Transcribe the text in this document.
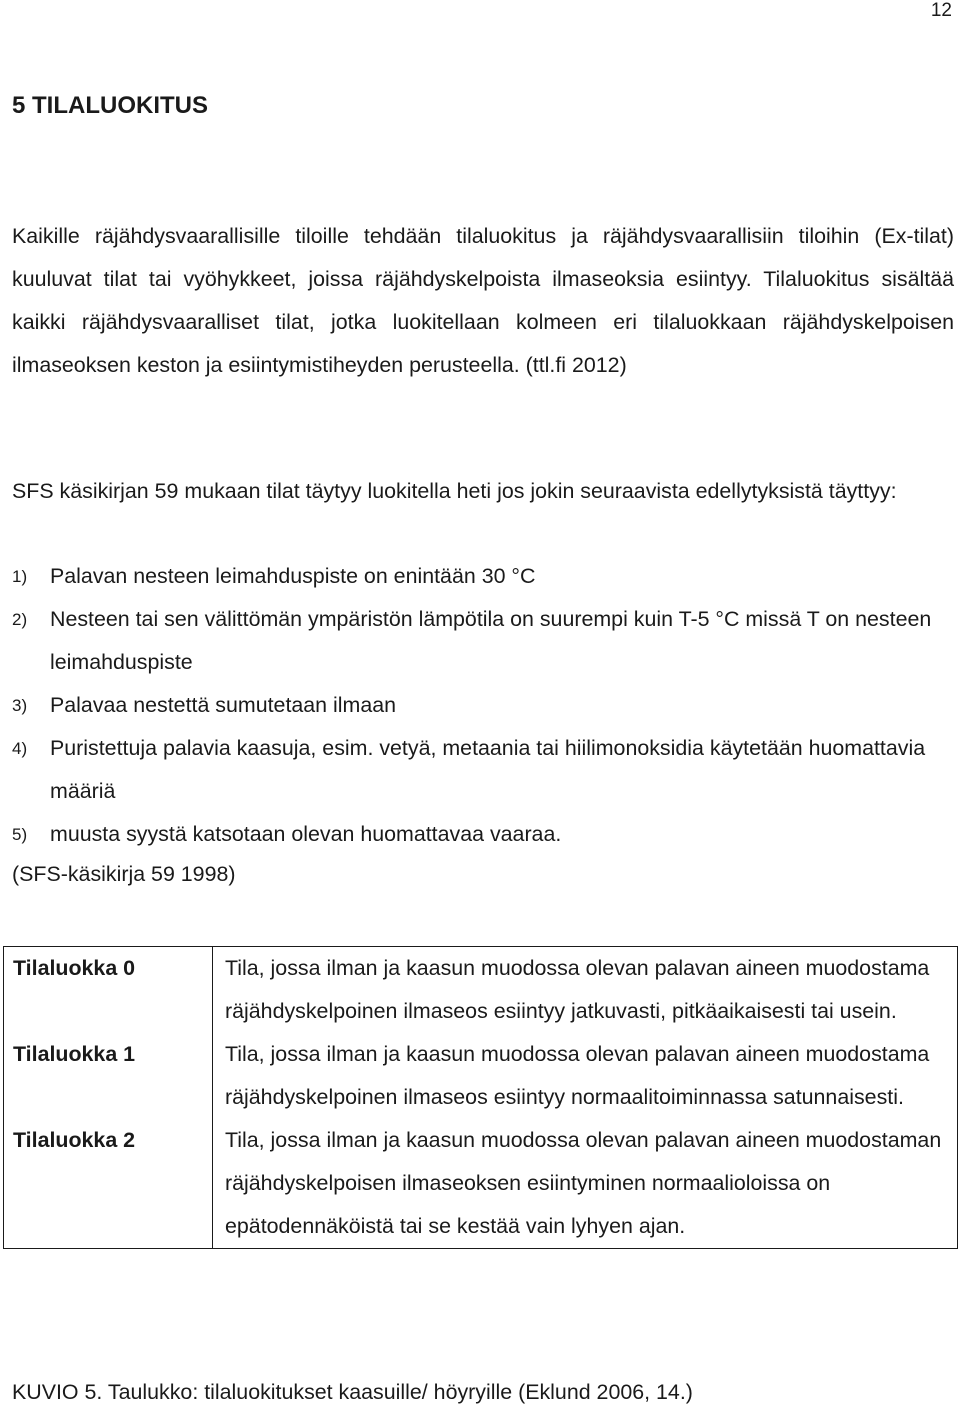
12
5 TILALUOKITUS

Kaikille räjähdysvaarallisille tiloille tehdään tilaluokitus ja räjähdysvaarallisiin tiloihin (Ex-tilat) kuuluvat tilat tai vyöhykkeet, joissa räjähdyskelpoista ilmaseoksia esiintyy. Tilaluokitus sisältää kaikki räjähdysvaaralliset tilat, jotka luokitellaan kolmeen eri tilaluokkaan räjähdyskelpoisen ilmaseoksen keston ja esiintymistiheyden perusteella. (ttl.fi 2012)

SFS käsikirjan 59 mukaan tilat täytyy luokitella heti jos jokin seuraavista edellytyksistä täyttyy:

1)	Palavan nesteen leimahduspiste on enintään 30 °C
2)	Nesteen tai sen välittömän ympäristön lämpötila on suurempi kuin T-5 °C missä T on nesteen leimahduspiste
3)	Palavaa nestettä sumutetaan ilmaan
4)	Puristettuja palavia kaasuja, esim. vetyä, metaania tai hiilimonoksidia käytetään huomattavia määriä
5)	muusta syystä katsotaan olevan huomattavaa vaaraa.

(SFS-käsikirja 59 1998)

Tilaluokka 0	Tila, jossa ilman ja kaasun muodossa olevan palavan aineen muodostama räjähdyskelpoinen ilmaseos esiintyy jatkuvasti, pitkäaikaisesti tai usein.
Tilaluokka 1	Tila, jossa ilman ja kaasun muodossa olevan palavan aineen muodostama räjähdyskelpoinen ilmaseos esiintyy normaalitoiminnassa satunnaisesti.
Tilaluokka 2	Tila, jossa ilman ja kaasun muodossa olevan palavan aineen muodostaman räjähdyskelpoisen ilmaseoksen esiintyminen normaalioloissa on epätodennäköistä tai se kestää vain lyhyen ajan.

KUVIO 5. Taulukko: tilaluokitukset kaasuille/ höyryille (Eklund 2006, 14.)
